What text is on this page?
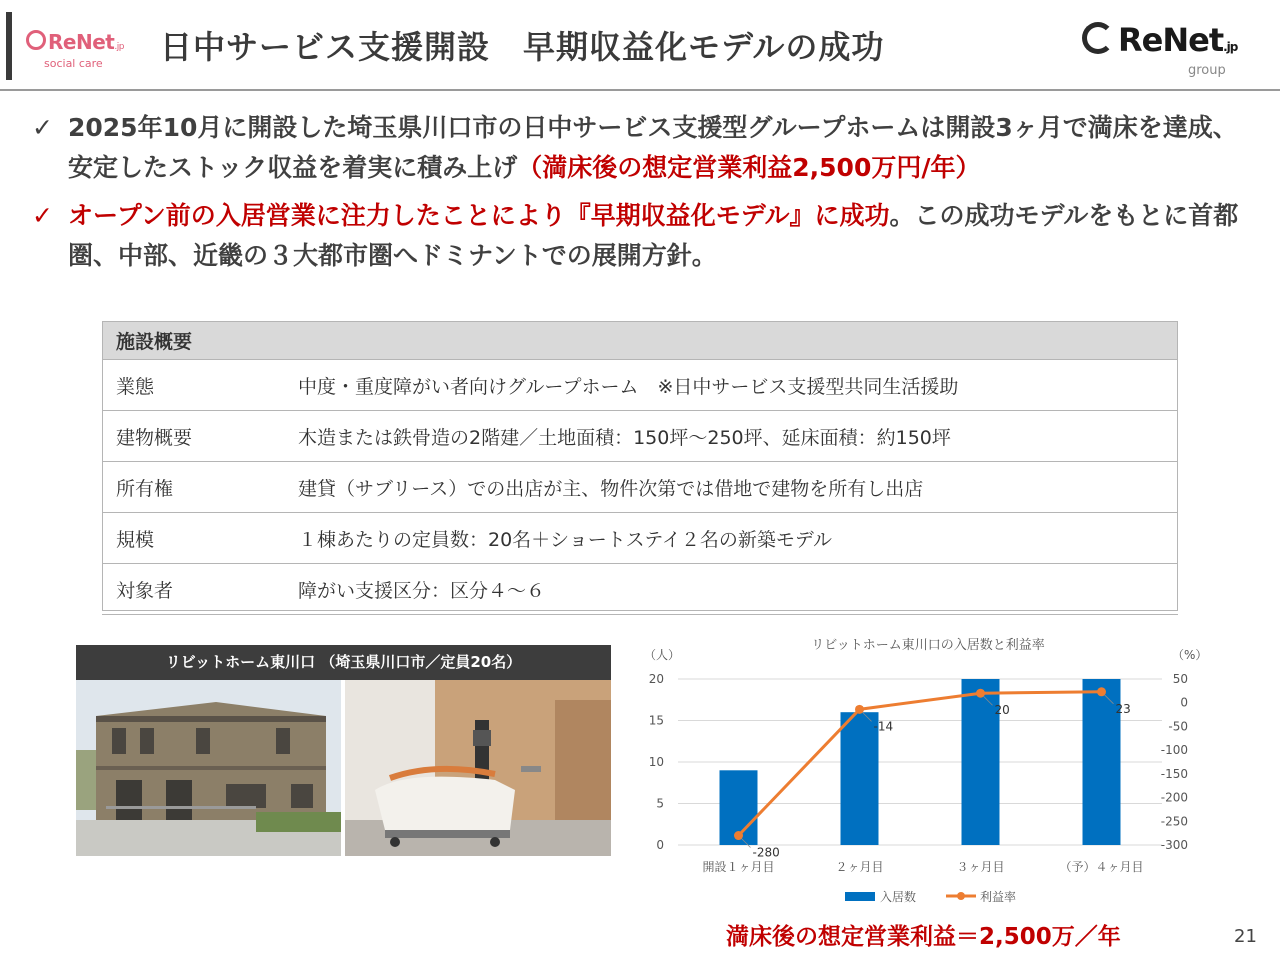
ReNet.jp
social care	日中サービス支援開設　早期収益化モデルの成功	ReNet.jp
group
✓ 2025年10月に開設した埼玉県川口市の日中サービス支援型グループホームは開設3ヶ月で満床を達成、安定したストック収益を着実に積み上げ（満床後の想定営業利益2,500万円/年）
✓ オープン前の入居営業に注力したことにより『早期収益化モデル』に成功。この成功モデルをもとに首都圏、中部、近畿の３大都市圏へドミナントでの展開方針。
施設概要	
業態	中度・重度障がい者向けグループホーム　※日中サービス支援型共同生活援助
建物概要	木造または鉄骨造の2階建／土地面積：150坪～250坪、延床面積：約150坪
所有権	建貸（サブリース）での出店が主、物件次第では借地で建物を所有し出店
規模	１棟あたりの定員数：20名＋ショートステイ２名の新築モデル
対象者	障がい支援区分：区分４～６
リビットホーム東川口 （埼玉県川口市／定員20名）
リビットホーム東川口の入居数と利益率
（人）	（%）
0
5
10
15
20	50
0
-50
-100
-150
-200
-250
-300
-280
-14
20	23
開設１ヶ月目	２ヶ月目	３ヶ月目	（予）４ヶ月目
入居数	利益率
満床後の想定営業利益＝2,500万／年	21
